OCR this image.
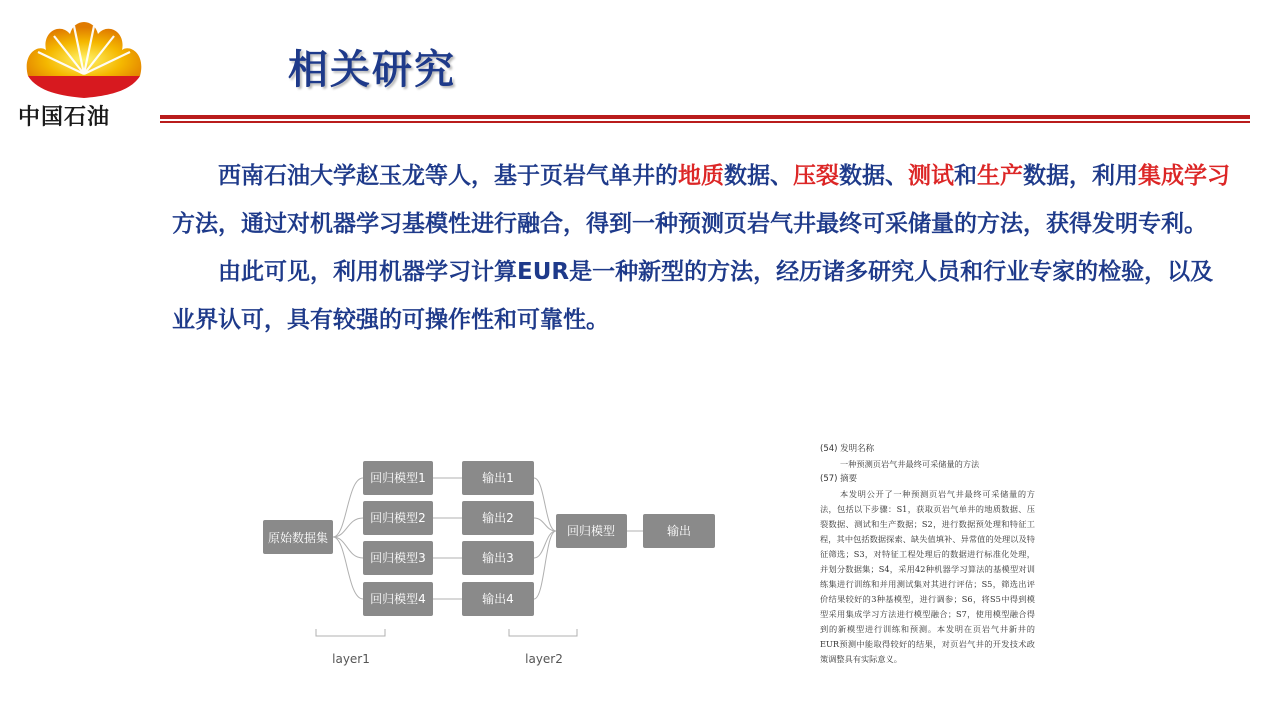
中国石油
相关研究

西南石油大学赵玉龙等人，基于页岩气单井的地质数据、压裂数据、测试和生产数据，利用集成学习方法，通过对机器学习基模性进行融合，得到一种预测页岩气井最终可采储量的方法，获得发明专利。

由此可见，利用机器学习计算EUR是一种新型的方法，经历诸多研究人员和行业专家的检验，以及业界认可，具有较强的可操作性和可靠性。

原始数据集
回归模型1
回归模型2
回归模型3
回归模型4
输出1
输出2
输出3
输出4
回归模型	输出
layer1	layer2
(54) 发明名称
一种预测页岩气井最终可采储量的方法
(57) 摘要
本发明公开了一种预测页岩气井最终可采储量的方法，包括以下步骤：S1，获取页岩气单井的地质数据、压裂数据、测试和生产数据；S2，进行数据预处理和特征工程，其中包括数据探索、缺失值填补、异常值的处理以及特征筛选；S3，对特征工程处理后的数据进行标准化处理，并划分数据集；S4，采用42种机器学习算法的基模型对训练集进行训练和并用测试集对其进行评估；S5，筛选出评价结果较好的3种基模型，进行调参；S6，将S5中得到模型采用集成学习方法进行模型融合；S7，使用模型融合得到的新模型进行训练和预测。本发明在页岩气井新井的EUR预测中能取得较好的结果，对页岩气井的开发技术政策调整具有实际意义。
